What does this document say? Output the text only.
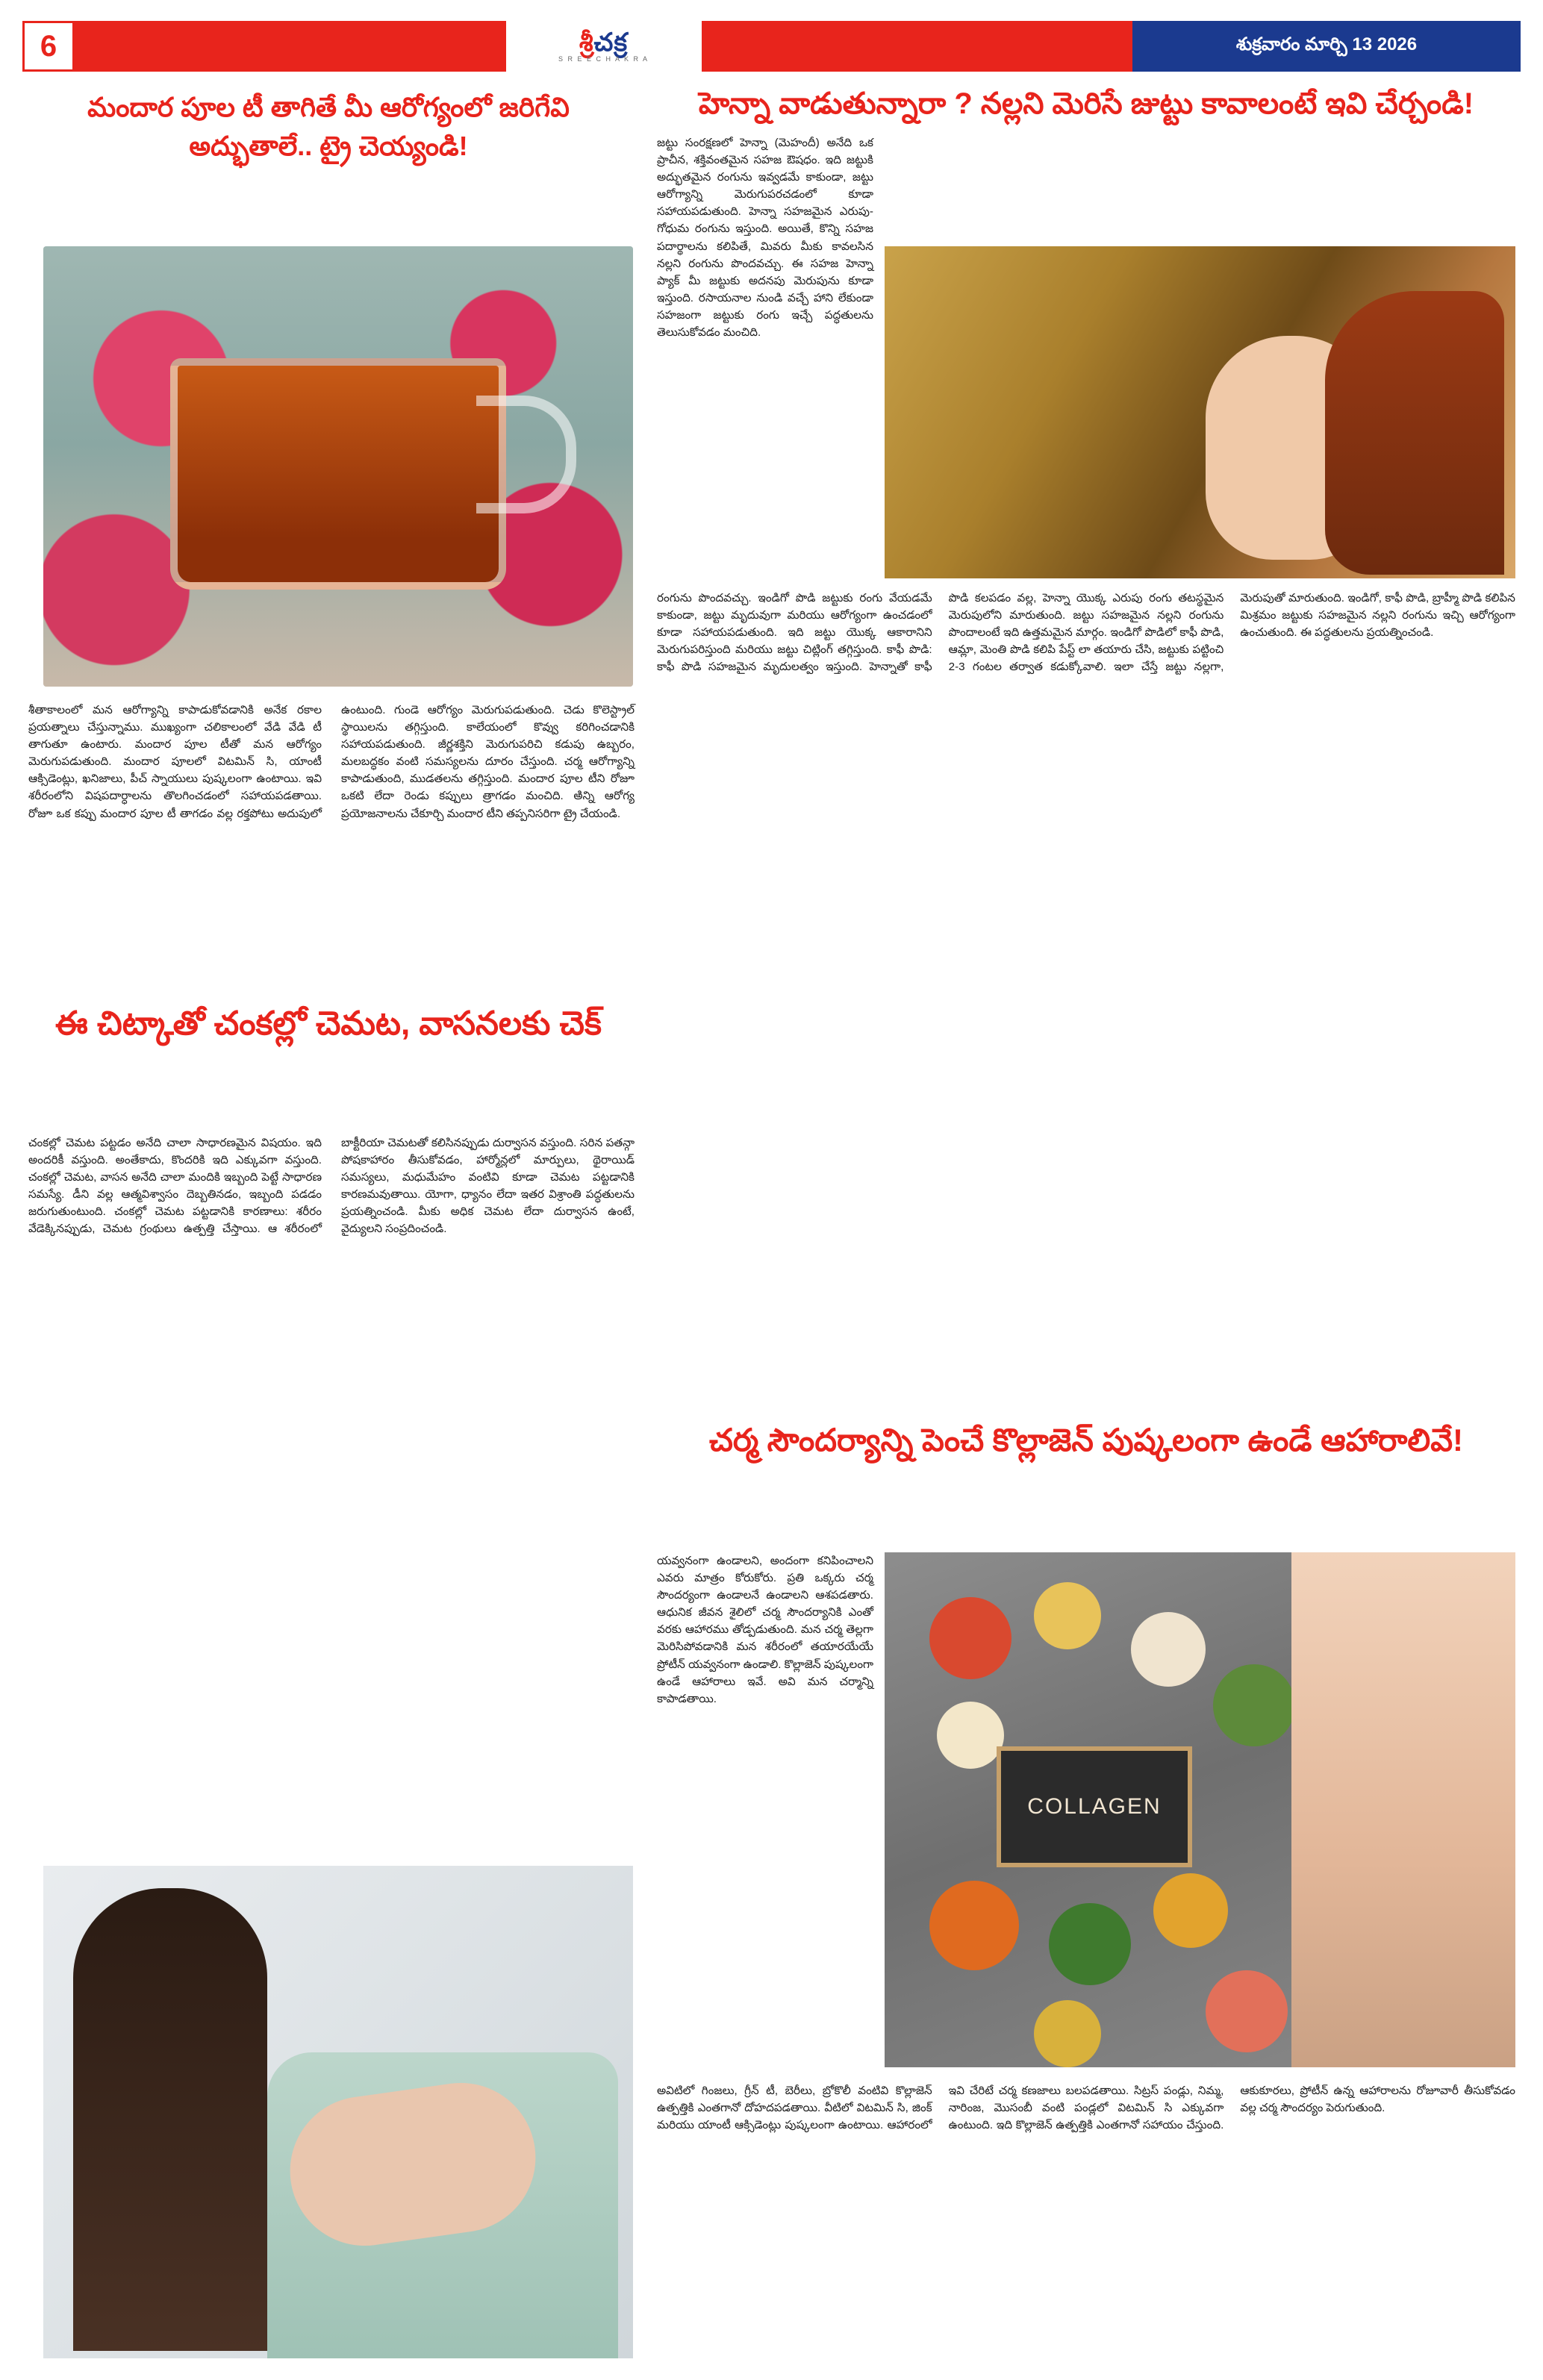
6	శ్రీచక్ర
S R E E C H A K R A
శుక్రవారం మార్చి 13 2026
మందార పూల టీ తాగితే మీ ఆరోగ్యంలో జరిగేవి అద్భుతాలే.. ట్రై చెయ్యండి!
శీతాకాలంలో మన ఆరోగ్యాన్ని కాపాడుకోవడానికి అనేక రకాల ప్రయత్నాలు చేస్తున్నాము. ముఖ్యంగా చలికాలంలో వేడి వేడి టీ తాగుతూ ఉంటారు. మందార పూల టీతో మన ఆరోగ్యం మెరుగుపడుతుంది. మందార పూలలో విటమిన్ సి, యాంటీ ఆక్సిడెంట్లు, ఖనిజాలు, పీచ్ స్నాయులు పుష్కలంగా ఉంటాయి. ఇవి శరీరంలోని విషపదార్ధాలను తొలగించడంలో సహాయపడతాయి. రోజూ ఒక కప్పు మందార పూల టీ తాగడం వల్ల రక్తపోటు అదుపులో ఉంటుంది. గుండె ఆరోగ్యం మెరుగుపడుతుంది. చెడు కొలెస్ట్రాల్ స్థాయిలను తగ్గిస్తుంది. కాలేయంలో కొవ్వు కరిగించడానికి సహాయపడుతుంది. జీర్ణశక్తిని మెరుగుపరిచి కడుపు ఉబ్బరం, మలబద్ధకం వంటి సమస్యలను దూరం చేస్తుంది. చర్మ ఆరోగ్యాన్ని కాపాడుతుంది, ముడతలను తగ్గిస్తుంది. మందార పూల టీని రోజూ ఒకటి లేదా రెండు కప్పులు త్రాగడం మంచిది. అిన్ని ఆరోగ్య ప్రయోజనాలను చేకూర్చి మందార టీని తప్పనిసరిగా ట్రై చేయండి.
ఈ చిట్కాతో చంకల్లో చెమట, వాసనలకు చెక్
చంకల్లో చెమట పట్టడం అనేది చాలా సాధారణమైన విషయం. ఇది అందరికీ వస్తుంది. అంతేకాదు, కొందరికి ఇది ఎక్కువగా వస్తుంది. చంకల్లో చెమట, వాసన అనేది చాలా మందికి ఇబ్బంది పెట్టే సాధారణ సమస్యే. డీని వల్ల ఆత్మవిశ్వాసం దెబ్బతినడం, ఇబ్బంది పడడం జరుగుతుంటుంది. చంకల్లో చెమట పట్టడానికి కారణాలు: శరీరం వేడెక్కినప్పుడు, చెమట గ్రంథులు ఉత్పత్తి చేస్తాయి. ఆ శరీరంలో బాక్టీరియా చెమటతో కలిసినప్పుడు దుర్వాసన వస్తుంది. సరిన పతన్గా పోషకాహారం తీసుకోవడం, హార్మోన్లలో మార్పులు, థైరాయిడ్ సమస్యలు, మధుమేహం వంటివి కూడా చెమట పట్టడానికి కారణమవుతాయి. యోగా, ధ్యానం లేదా ఇతర విశ్రాంతి పద్ధతులను ప్రయత్నించండి. మీకు అధిక చెమట లేదా దుర్వాసన ఉంటే, వైద్యులని సంప్రదించండి.
హెన్నా వాడుతున్నారా ? నల్లని మెరిసే జుట్టు కావాలంటే ఇవి చేర్చండి!
జట్టు సంరక్షణలో హెన్నా (మెహందీ) అనేది ఒక ప్రాచీన, శక్తివంతమైన సహజ ఔషధం. ఇది జట్టుకి అద్భుతమైన రంగును ఇవ్వడమే కాకుండా, జట్టు ఆరోగ్యాన్ని మెరుగుపరచడంలో కూడా సహాయపడుతుంది. హెన్నా సహజమైన ఎరుపు-గోధుమ రంగును ఇస్తుంది. అయితే, కొన్ని సహజ పదార్థాలను కలిపితే, మివరు మీకు కావలసిన నల్లని రంగును పొందవచ్చు. ఈ సహజ హెన్నా ప్యాక్ మీ జట్టుకు అదనపు మెరుపును కూడా ఇస్తుంది. రసాయనాల నుండి వచ్చే హాని లేకుండా సహజంగా జట్టుకు రంగు ఇచ్చే పద్ధతులను తెలుసుకోవడం మంచిది.
రంగును పొందవచ్చు. ఇండిగో పొడి జట్టుకు రంగు వేయడమే కాకుండా, జట్టు మృదువుగా మరియు ఆరోగ్యంగా ఉంచడంలో కూడా సహాయపడుతుంది. ఇది జట్టు యొక్క ఆకారానిని మెరుగుపరిస్తుంది మరియు జట్టు చిట్లింగ్ తగ్గిస్తుంది. కాఫీ పొడి: కాఫీ పొడి సహజమైన మృదులత్వం ఇస్తుంది. హెన్నాతో కాఫీ పొడి కలపడం వల్ల, హెన్నా యొక్క ఎరుపు రంగు తటస్థమైన మెరుపులోని మారుతుంది. జట్టు సహజమైన నల్లని రంగును పొందాలంటే ఇది ఉత్తమమైన మార్గం. ఇండిగో పొడిలో కాఫీ పొడి, ఆమ్లా, మెంతి పొడి కలిపి పేస్ట్ లా తయారు చేసి, జట్టుకు పట్టించి 2-3 గంటల తర్వాత కడుక్కోవాలి. ఇలా చేస్తే జట్టు నల్లగా, మెరుపుతో మారుతుంది. ఇండిగో, కాఫీ పొడి, బ్రాహ్మీ పొడి కలిపిన మిశ్రమం జట్టుకు సహజమైన నల్లని రంగును ఇచ్చి ఆరోగ్యంగా ఉంచుతుంది. ఈ పద్ధతులను ప్రయత్నించండి.
చర్మ సౌందర్యాన్ని పెంచే కొల్లాజెన్ పుష్కలంగా ఉండే ఆహారాలివే!
COLLAGEN
యవ్వనంగా ఉండాలని, అందంగా కనిపించాలని ఎవరు మాత్రం కోరుకోరు. ప్రతి ఒక్కరు చర్మ సౌందర్యంగా ఉండాలనే ఉండాలని ఆశపడతారు. ఆధునిక జీవన శైలిలో చర్మ సౌందర్యానికి ఎంతో వరకు ఆహారము తోడ్పడుతుంది. మన చర్మ తెల్లగా మెరిసిపోవడానికి మన శరీరంలో తయారయేయే ప్రోటీన్ యవ్వనంగా ఉండాలి. కొల్లాజెన్ పుష్కలంగా ఉండే ఆహారాలు ఇవే. అవి మన చర్మాన్ని కాపాడతాయి.
అవిటిలో గింజలు, గ్రీన్ టీ, బెరీలు, బ్రోకొలీ వంటివి కొల్లాజెన్ ఉత్పత్తికి ఎంతగానో దోహదపడతాయి. వీటిలో విటమిన్ సి, జింక్ మరియు యాంటీ ఆక్సిడెంట్లు పుష్కలంగా ఉంటాయి. ఆహారంలో ఇవి చేరిటే చర్మ కణజాలు బలపడతాయి. సిట్రస్ పండ్లు, నిమ్మ, నారింజ, మొసంబీ వంటి పండ్లలో విటమిన్ సి ఎక్కువగా ఉంటుంది. ఇది కొల్లాజెన్ ఉత్పత్తికి ఎంతగానో సహాయం చేస్తుంది. ఆకుకూరలు, ప్రోటీన్ ఉన్న ఆహారాలను రోజూవారీ తీసుకోవడం వల్ల చర్మ సౌందర్యం పెరుగుతుంది.
